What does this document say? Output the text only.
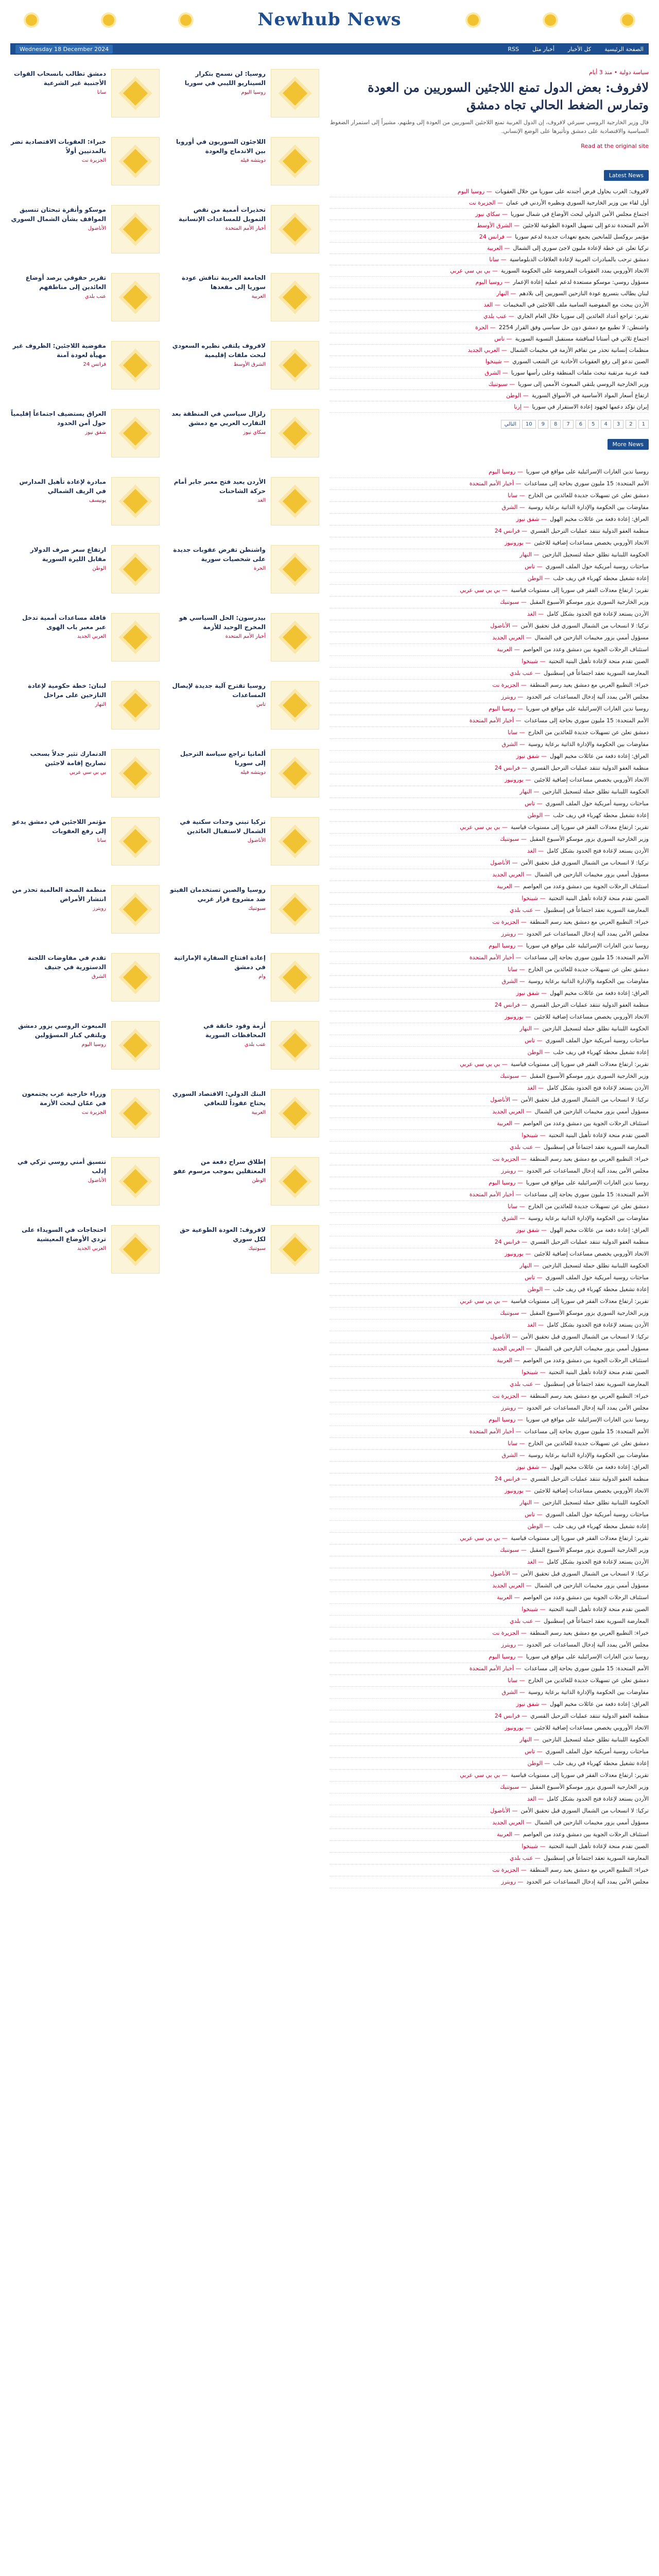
Newhub News
Wednesday 18 December 2024	الصفحة الرئيسية
كل الأخبار
أخبار مثل
RSS
سياسة دولية • منذ 3 أيام
لافروف: بعض الدول تمنع اللاجئين السوريين من العودة وتمارس الضغط الحالي تجاه دمشق
قال وزير الخارجية الروسي سيرغي لافروف، إن الدول الغربية تمنع اللاجئين السوريين من العودة إلى وطنهم، مشيراً إلى استمرار الضغوط السياسية والاقتصادية على دمشق وتأثيرها على الوضع الإنساني.
Read at the original site
Latest News
لافروف: الغرب يحاول فرض أجندته على سوريا من خلال العقوبات
— روسيا اليوم
أول لقاء بين وزير الخارجية السوري ونظيره الأردني في عمان
— الجزيرة نت
اجتماع مجلس الأمن الدولي لبحث الأوضاع في شمال سوريا
— سكاي نيوز
الأمم المتحدة تدعو إلى تسهيل العودة الطوعية للاجئين
— الشرق الأوسط
مؤتمر بروكسل للمانحين يجمع تعهدات جديدة لدعم سوريا
— فرانس 24
تركيا تعلن عن خطة لإعادة مليون لاجئ سوري إلى الشمال
— العربية
دمشق ترحب بالمبادرات العربية لإعادة العلاقات الدبلوماسية
— سانا
الاتحاد الأوروبي يمدد العقوبات المفروضة على الحكومة السورية
— بي بي سي عربي
مسؤول روسي: موسكو مستعدة لدعم عملية إعادة الإعمار
— روسيا اليوم
لبنان يطالب بتسريع عودة النازحين السوريين إلى بلادهم
— النهار
الأردن يبحث مع المفوضية السامية ملف اللاجئين في المخيمات
— الغد
تقرير: تراجع أعداد العائدين إلى سوريا خلال العام الجاري
— عنب بلدي
واشنطن: لا تطبيع مع دمشق دون حل سياسي وفق القرار 2254
— الحرة
اجتماع ثلاثي في أستانا لمناقشة مستقبل التسوية السورية
— تاس
منظمات إنسانية تحذر من تفاقم الأزمة في مخيمات الشمال
— العربي الجديد
الصين تدعو إلى رفع العقوبات الأحادية عن الشعب السوري
— شينخوا
قمة عربية مرتقبة تبحث ملفات المنطقة وعلى رأسها سوريا
— الشرق
وزير الخارجية الروسي يلتقي المبعوث الأممي إلى سوريا
— سبوتنيك
ارتفاع أسعار المواد الأساسية في الأسواق السورية
— الوطن
إيران تؤكد دعمها لجهود إعادة الاستقرار في سوريا
— إرنا
1
2
3
4
5
6
7
8
9
10
التالي
More News
روسيا تدين الغارات الإسرائيلية على مواقع في سوريا
— روسيا اليوم
الأمم المتحدة: 15 مليون سوري بحاجة إلى مساعدات
— أخبار الأمم المتحدة
دمشق تعلن عن تسهيلات جديدة للعائدين من الخارج
— سانا
مفاوضات بين الحكومة والإدارة الذاتية برعاية روسية
— الشرق
العراق: إعادة دفعة من عائلات مخيم الهول
— شفق نيوز
منظمة العفو الدولية تنتقد عمليات الترحيل القسري
— فرانس 24
الاتحاد الأوروبي يخصص مساعدات إضافية للاجئين
— يورونيوز
الحكومة اللبنانية تطلق حملة لتسجيل النازحين
— النهار
مباحثات روسية أمريكية حول الملف السوري
— تاس
إعادة تشغيل محطة كهرباء في ريف حلب
— الوطن
تقرير: ارتفاع معدلات الفقر في سوريا إلى مستويات قياسية
— بي بي سي عربي
وزير الخارجية السوري يزور موسكو الأسبوع المقبل
— سبوتنيك
الأردن يستعد لإعادة فتح الحدود بشكل كامل
— الغد
تركيا: لا انسحاب من الشمال السوري قبل تحقيق الأمن
— الأناضول
مسؤول أممي يزور مخيمات النازحين في الشمال
— العربي الجديد
استئناف الرحلات الجوية بين دمشق وعدد من العواصم
— العربية
الصين تقدم منحة لإعادة تأهيل البنية التحتية
— شينخوا
المعارضة السورية تعقد اجتماعاً في إسطنبول
— عنب بلدي
خبراء: التطبيع العربي مع دمشق يعيد رسم المنطقة
— الجزيرة نت
مجلس الأمن يمدد آلية إدخال المساعدات عبر الحدود
— رويترز
روسيا تدين الغارات الإسرائيلية على مواقع في سوريا
— روسيا اليوم
الأمم المتحدة: 15 مليون سوري بحاجة إلى مساعدات
— أخبار الأمم المتحدة
دمشق تعلن عن تسهيلات جديدة للعائدين من الخارج
— سانا
مفاوضات بين الحكومة والإدارة الذاتية برعاية روسية
— الشرق
العراق: إعادة دفعة من عائلات مخيم الهول
— شفق نيوز
منظمة العفو الدولية تنتقد عمليات الترحيل القسري
— فرانس 24
الاتحاد الأوروبي يخصص مساعدات إضافية للاجئين
— يورونيوز
الحكومة اللبنانية تطلق حملة لتسجيل النازحين
— النهار
مباحثات روسية أمريكية حول الملف السوري
— تاس
إعادة تشغيل محطة كهرباء في ريف حلب
— الوطن
تقرير: ارتفاع معدلات الفقر في سوريا إلى مستويات قياسية
— بي بي سي عربي
وزير الخارجية السوري يزور موسكو الأسبوع المقبل
— سبوتنيك
الأردن يستعد لإعادة فتح الحدود بشكل كامل
— الغد
تركيا: لا انسحاب من الشمال السوري قبل تحقيق الأمن
— الأناضول
مسؤول أممي يزور مخيمات النازحين في الشمال
— العربي الجديد
استئناف الرحلات الجوية بين دمشق وعدد من العواصم
— العربية
الصين تقدم منحة لإعادة تأهيل البنية التحتية
— شينخوا
المعارضة السورية تعقد اجتماعاً في إسطنبول
— عنب بلدي
خبراء: التطبيع العربي مع دمشق يعيد رسم المنطقة
— الجزيرة نت
مجلس الأمن يمدد آلية إدخال المساعدات عبر الحدود
— رويترز
روسيا تدين الغارات الإسرائيلية على مواقع في سوريا
— روسيا اليوم
الأمم المتحدة: 15 مليون سوري بحاجة إلى مساعدات
— أخبار الأمم المتحدة
دمشق تعلن عن تسهيلات جديدة للعائدين من الخارج
— سانا
مفاوضات بين الحكومة والإدارة الذاتية برعاية روسية
— الشرق
العراق: إعادة دفعة من عائلات مخيم الهول
— شفق نيوز
منظمة العفو الدولية تنتقد عمليات الترحيل القسري
— فرانس 24
الاتحاد الأوروبي يخصص مساعدات إضافية للاجئين
— يورونيوز
الحكومة اللبنانية تطلق حملة لتسجيل النازحين
— النهار
مباحثات روسية أمريكية حول الملف السوري
— تاس
إعادة تشغيل محطة كهرباء في ريف حلب
— الوطن
تقرير: ارتفاع معدلات الفقر في سوريا إلى مستويات قياسية
— بي بي سي عربي
وزير الخارجية السوري يزور موسكو الأسبوع المقبل
— سبوتنيك
الأردن يستعد لإعادة فتح الحدود بشكل كامل
— الغد
تركيا: لا انسحاب من الشمال السوري قبل تحقيق الأمن
— الأناضول
مسؤول أممي يزور مخيمات النازحين في الشمال
— العربي الجديد
استئناف الرحلات الجوية بين دمشق وعدد من العواصم
— العربية
الصين تقدم منحة لإعادة تأهيل البنية التحتية
— شينخوا
المعارضة السورية تعقد اجتماعاً في إسطنبول
— عنب بلدي
خبراء: التطبيع العربي مع دمشق يعيد رسم المنطقة
— الجزيرة نت
مجلس الأمن يمدد آلية إدخال المساعدات عبر الحدود
— رويترز
روسيا تدين الغارات الإسرائيلية على مواقع في سوريا
— روسيا اليوم
الأمم المتحدة: 15 مليون سوري بحاجة إلى مساعدات
— أخبار الأمم المتحدة
دمشق تعلن عن تسهيلات جديدة للعائدين من الخارج
— سانا
مفاوضات بين الحكومة والإدارة الذاتية برعاية روسية
— الشرق
العراق: إعادة دفعة من عائلات مخيم الهول
— شفق نيوز
منظمة العفو الدولية تنتقد عمليات الترحيل القسري
— فرانس 24
الاتحاد الأوروبي يخصص مساعدات إضافية للاجئين
— يورونيوز
الحكومة اللبنانية تطلق حملة لتسجيل النازحين
— النهار
مباحثات روسية أمريكية حول الملف السوري
— تاس
إعادة تشغيل محطة كهرباء في ريف حلب
— الوطن
تقرير: ارتفاع معدلات الفقر في سوريا إلى مستويات قياسية
— بي بي سي عربي
وزير الخارجية السوري يزور موسكو الأسبوع المقبل
— سبوتنيك
الأردن يستعد لإعادة فتح الحدود بشكل كامل
— الغد
تركيا: لا انسحاب من الشمال السوري قبل تحقيق الأمن
— الأناضول
مسؤول أممي يزور مخيمات النازحين في الشمال
— العربي الجديد
استئناف الرحلات الجوية بين دمشق وعدد من العواصم
— العربية
الصين تقدم منحة لإعادة تأهيل البنية التحتية
— شينخوا
المعارضة السورية تعقد اجتماعاً في إسطنبول
— عنب بلدي
خبراء: التطبيع العربي مع دمشق يعيد رسم المنطقة
— الجزيرة نت
مجلس الأمن يمدد آلية إدخال المساعدات عبر الحدود
— رويترز
روسيا تدين الغارات الإسرائيلية على مواقع في سوريا
— روسيا اليوم
الأمم المتحدة: 15 مليون سوري بحاجة إلى مساعدات
— أخبار الأمم المتحدة
دمشق تعلن عن تسهيلات جديدة للعائدين من الخارج
— سانا
مفاوضات بين الحكومة والإدارة الذاتية برعاية روسية
— الشرق
العراق: إعادة دفعة من عائلات مخيم الهول
— شفق نيوز
منظمة العفو الدولية تنتقد عمليات الترحيل القسري
— فرانس 24
الاتحاد الأوروبي يخصص مساعدات إضافية للاجئين
— يورونيوز
الحكومة اللبنانية تطلق حملة لتسجيل النازحين
— النهار
مباحثات روسية أمريكية حول الملف السوري
— تاس
إعادة تشغيل محطة كهرباء في ريف حلب
— الوطن
تقرير: ارتفاع معدلات الفقر في سوريا إلى مستويات قياسية
— بي بي سي عربي
وزير الخارجية السوري يزور موسكو الأسبوع المقبل
— سبوتنيك
الأردن يستعد لإعادة فتح الحدود بشكل كامل
— الغد
تركيا: لا انسحاب من الشمال السوري قبل تحقيق الأمن
— الأناضول
مسؤول أممي يزور مخيمات النازحين في الشمال
— العربي الجديد
استئناف الرحلات الجوية بين دمشق وعدد من العواصم
— العربية
الصين تقدم منحة لإعادة تأهيل البنية التحتية
— شينخوا
المعارضة السورية تعقد اجتماعاً في إسطنبول
— عنب بلدي
خبراء: التطبيع العربي مع دمشق يعيد رسم المنطقة
— الجزيرة نت
مجلس الأمن يمدد آلية إدخال المساعدات عبر الحدود
— رويترز
روسيا تدين الغارات الإسرائيلية على مواقع في سوريا
— روسيا اليوم
الأمم المتحدة: 15 مليون سوري بحاجة إلى مساعدات
— أخبار الأمم المتحدة
دمشق تعلن عن تسهيلات جديدة للعائدين من الخارج
— سانا
مفاوضات بين الحكومة والإدارة الذاتية برعاية روسية
— الشرق
العراق: إعادة دفعة من عائلات مخيم الهول
— شفق نيوز
منظمة العفو الدولية تنتقد عمليات الترحيل القسري
— فرانس 24
الاتحاد الأوروبي يخصص مساعدات إضافية للاجئين
— يورونيوز
الحكومة اللبنانية تطلق حملة لتسجيل النازحين
— النهار
مباحثات روسية أمريكية حول الملف السوري
— تاس
إعادة تشغيل محطة كهرباء في ريف حلب
— الوطن
تقرير: ارتفاع معدلات الفقر في سوريا إلى مستويات قياسية
— بي بي سي عربي
وزير الخارجية السوري يزور موسكو الأسبوع المقبل
— سبوتنيك
الأردن يستعد لإعادة فتح الحدود بشكل كامل
— الغد
تركيا: لا انسحاب من الشمال السوري قبل تحقيق الأمن
— الأناضول
مسؤول أممي يزور مخيمات النازحين في الشمال
— العربي الجديد
استئناف الرحلات الجوية بين دمشق وعدد من العواصم
— العربية
الصين تقدم منحة لإعادة تأهيل البنية التحتية
— شينخوا
المعارضة السورية تعقد اجتماعاً في إسطنبول
— عنب بلدي
خبراء: التطبيع العربي مع دمشق يعيد رسم المنطقة
— الجزيرة نت
مجلس الأمن يمدد آلية إدخال المساعدات عبر الحدود
— رويترز
روسيا: لن نسمح بتكرار السيناريو الليبي في سوريا
روسيا اليوم
دمشق تطالب بانسحاب القوات الأجنبية غير الشرعية
سانا
اللاجئون السوريون في أوروبا بين الاندماج والعودة
دويتشه فيله
خبراء: العقوبات الاقتصادية تضر بالمدنيين أولاً
الجزيرة نت
تحذيرات أممية من نقص التمويل للمساعدات الإنسانية
أخبار الأمم المتحدة
موسكو وأنقرة تبحثان تنسيق المواقف بشأن الشمال السوري
الأناضول
الجامعة العربية تناقش عودة سوريا إلى مقعدها
العربية
تقرير حقوقي يرصد أوضاع العائدين إلى مناطقهم
عنب بلدي
لافروف يلتقي نظيره السعودي لبحث ملفات إقليمية
الشرق الأوسط
مفوضية اللاجئين: الظروف غير مهيأة لعودة آمنة
فرانس 24
زلزال سياسي في المنطقة بعد التقارب العربي مع دمشق
سكاي نيوز
العراق يستضيف اجتماعاً إقليمياً حول أمن الحدود
شفق نيوز
الأردن يعيد فتح معبر جابر أمام حركة الشاحنات
الغد
مبادرة لإعادة تأهيل المدارس في الريف الشمالي
يونيسف
واشنطن تفرض عقوبات جديدة على شخصيات سورية
الحرة
ارتفاع سعر صرف الدولار مقابل الليرة السورية
الوطن
بيدرسون: الحل السياسي هو المخرج الوحيد للأزمة
أخبار الأمم المتحدة
قافلة مساعدات أممية تدخل عبر معبر باب الهوى
العربي الجديد
روسيا تقترح آلية جديدة لإيصال المساعدات
تاس
لبنان: خطة حكومية لإعادة النازحين على مراحل
النهار
ألمانيا تراجع سياسة الترحيل إلى سوريا
دويتشه فيله
الدنمارك تثير جدلاً بسحب تصاريح إقامة لاجئين
بي بي سي عربي
تركيا تبني وحدات سكنية في الشمال لاستقبال العائدين
الأناضول
مؤتمر اللاجئين في دمشق يدعو إلى رفع العقوبات
سانا
روسيا والصين تستخدمان الفيتو ضد مشروع قرار غربي
سبوتنيك
منظمة الصحة العالمية تحذر من انتشار الأمراض
رويترز
إعادة افتتاح السفارة الإماراتية في دمشق
وام
تقدم في مفاوضات اللجنة الدستورية في جنيف
الشرق
أزمة وقود خانقة في المحافظات السورية
عنب بلدي
المبعوث الروسي يزور دمشق ويلتقي كبار المسؤولين
روسيا اليوم
البنك الدولي: الاقتصاد السوري يحتاج عقوداً للتعافي
العربية
وزراء خارجية عرب يجتمعون في عمّان لبحث الأزمة
الجزيرة نت
إطلاق سراح دفعة من المعتقلين بموجب مرسوم عفو
الوطن
تنسيق أمني روسي تركي في إدلب
الأناضول
لافروف: العودة الطوعية حق لكل سوري
سبوتنيك
احتجاجات في السويداء على تردي الأوضاع المعيشية
العربي الجديد
